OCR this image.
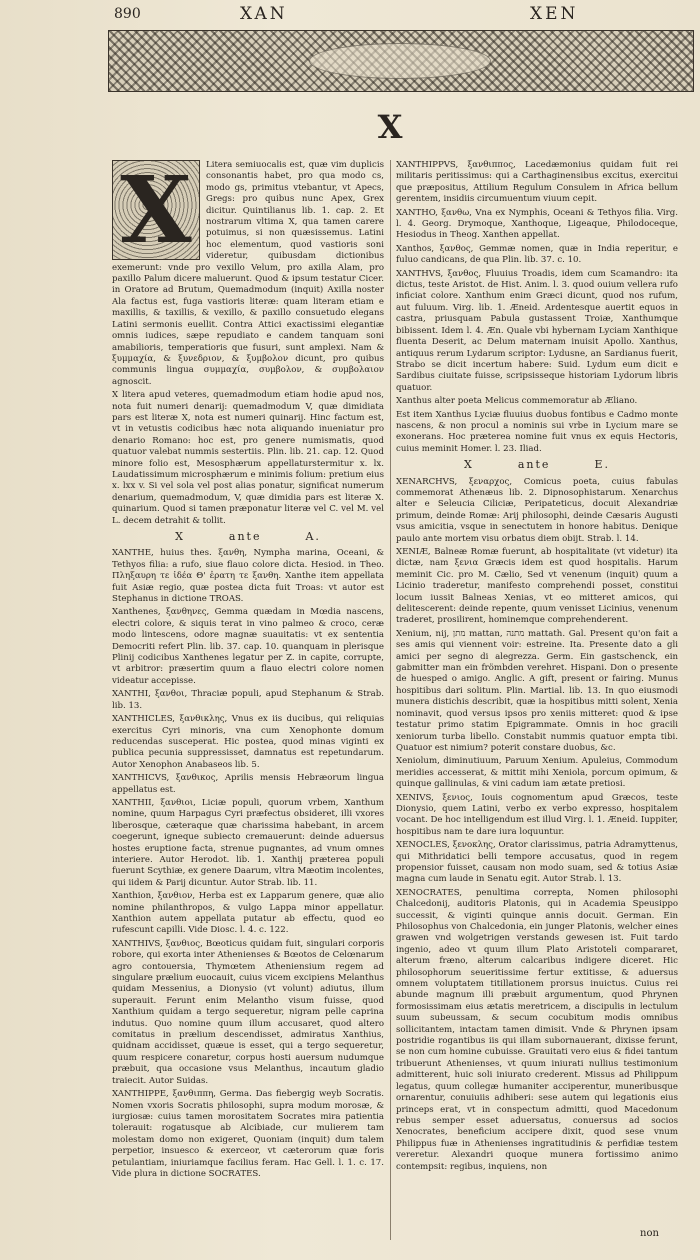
890	XAN	XEN
X
X	Litera semiuocalis est, quæ vim duplicis consonantis habet, pro qua modo cs, modo gs, primitus vtebantur, vt Apecs, Gregs: pro quibus nunc Apex, Grex dicitur. Quintilianus lib. 1. cap. 2. Et nostrarum vltima X, qua tamen carere potuimus, si non quæsissemus. Latini hoc elementum, quod vastioris soni videretur, quibusdam dictionibus exemerunt: vnde pro vexillo Velum, pro axilla Alam, pro paxillo Palum dicere maluerunt. Quod & ipsum testatur Cicer. in Oratore ad Brutum, Quemadmodum (inquit) Axilla noster Ala factus est, fuga vastioris literæ: quam literam etiam e maxillis, & taxillis, & vexillo, & paxillo consuetudo elegans Latini sermonis euellit. Contra Attici exactissimi elegantiæ omnis iudices, sæpe repudiato e candem tanquam soni amabilioris, temperatioris que fusuri, sunt amplexi. Nam & ξυμμαχία, & ξυνεδριον, & ξυμβολον dicunt, pro quibus communis lingua συμμαχία, συμβολον, & συμβολαιον agnoscit.

X litera apud veteres, quemadmodum etiam hodie apud nos, nota fuit numeri denarij: quemadmodum V, quæ dimidiata pars est literæ X, nota est numeri quinarij. Hinc factum est, vt in vetustis codicibus hæc nota aliquando inueniatur pro denario Romano: hoc est, pro genere numismatis, quod quatuor valebat nummis sestertiis. Plin. lib. 21. cap. 12. Quod minore folio est, Mesosphærum appellaturstermitur x. lx. Laudatissimum microsphærum e minimis folium: pretium eius x. lxx v. Si vel sola vel post alias ponatur, significat numerum denarium, quemadmodum, V, quæ dimidia pars est literæ X. quinarium. Quod si tamen præponatur literæ vel C. vel M. vel L. decem detrahit & tollit.

X	ante	A.

XANTHE, huius thes. ξανθη, Nympha marina, Oceani, & Tethyos filia: a rufo, siue flauo colore dicta. Hesiod. in Theo. Πληξαυρη τε ἰδέα Θ' ἐρατη τε ξανθη. Xanthe item appellata fuit Asiæ regio, quæ postea dicta fuit Troas: vt autor est Stephanus in dictione TROAS.

Xanthenes, ξανθηνες, Gemma quædam in Mœdia nascens, electri colore, & siquis terat in vino palmeo & croco, ceræ modo lintescens, odore magnæ suauitatis: vt ex sententia Democriti refert Plin. lib. 37. cap. 10. quanquam in plerisque Plinij codicibus Xanthenes legatur per Z. in capite, corrupte, vt arbitror: præsertim quum a flauo electri colore nomen videatur accepisse.

XANTHI, ξανθοι, Thraciæ populi, apud Stephanum & Strab. lib. 13.

XANTHICLES, ξανθικλης, Vnus ex iis ducibus, qui reliquias exercitus Cyri minoris, vna cum Xenophonte domum reducendas susceperat. Hic postea, quod minas viginti ex publica pecunia suppressisset, damnatus est repetundarum. Autor Xenophon Anabaseos lib. 5.

XANTHICVS, ξανθικος, Aprilis mensis Hebræorum lingua appellatus est.

XANTHII, ξανθιοι, Liciæ populi, quorum vrbem, Xanthum nomine, quum Harpagus Cyri præfectus obsideret, illi vxores liberosque, cæteraque quæ charissima habebant, in arcem coegerunt, igneque subiecto cremauerunt: deinde aduersus hostes eruptione facta, strenue pugnantes, ad vnum omnes interiere. Autor Herodot. lib. 1. Xanthij præterea populi fuerunt Scythiæ, ex genere Daarum, vltra Mæotim incolentes, qui iidem & Parij dicuntur. Autor Strab. lib. 11.

Xanthion, ξανθιον, Herba est ex Lapparum genere, quæ alio nomine philanthropos, & vulgo Lappa minor appellatur. Xanthion autem appellata putatur ab effectu, quod eo rufescunt capilli. Vide Diosc. l. 4. c. 122.

XANTHIVS, ξανθιος, Bœoticus quidam fuit, singulari corporis robore, qui exorta inter Athenienses & Bœotos de Celœnarum agro contouersia, Thymœtem Atheniensium regem ad singulare prælium euocauit, cuius vicem excipiens Melanthus quidam Messenius, a Dionysio (vt volunt) adiutus, illum superauit. Ferunt enim Melantho visum fuisse, quod Xanthium quidam a tergo sequeretur, nigram pelle caprina indutus. Quo nomine quum illum accusaret, quod altero comitatus in prælium descendisset, admiratus Xanthius, quidnam accidisset, quæue is esset, qui a tergo sequeretur, quum respicere conaretur, corpus hosti auersum nudumque præbuit, qua occasione vsus Melanthus, incautum gladio traiecit. Autor Suidas.

XANTHIPPE, ξανθιππη, Germa. Das fiebergig weyb Socratis. Nomen vxoris Socratis philosophi, supra modum morosæ, & iurgiosæ: cuius tamen morositatem Socrates mira patientia tolerauit: rogatusque ab Alcibiade, cur mulierem tam molestam domo non exigeret, Quoniam (inquit) dum talem perpetior, insuesco & exerceor, vt cæterorum quæ foris petulantiam, iniuriamque facilius feram. Hac Gell. l. 1. c. 17. Vide plura in dictione SOCRATES.

XANTHIPPVS, ξανθιππος, Lacedæmonius quidam fuit rei militaris peritissimus: qui a Carthaginensibus excitus, exercitui que præpositus, Attilium Regulum Consulem in Africa bellum gerentem, insidiis circumuentum viuum cepit.

XANTHO, ξανθω, Vna ex Nymphis, Oceani & Tethyos filia. Virg. l. 4. Georg. Drymoque, Xanthoque, Ligeaque, Philodoceque, Hesiodus in Theog. Xanthen appellat.

Xanthos, ξανθος, Gemmæ nomen, quæ in India reperitur, e fuluo candicans, de qua Plin. lib. 37. c. 10.

XANTHVS, ξανθος, Fluuius Troadis, idem cum Scamandro: ita dictus, teste Aristot. de Hist. Anim. l. 3. quod ouium vellera rufo inficiat colore. Xanthum enim Græci dicunt, quod nos rufum, aut fuluum. Virg. lib. 1. Æneid. Ardentesque auertit equos in castra, priusquam Pabula gustassent Troiæ, Xanthumque bibissent. Idem l. 4. Æn. Quale vbi hybernam Lyciam Xanthique fluenta Deserit, ac Delum maternam inuisit Apollo. Xanthus, antiquus rerum Lydarum scriptor: Lydusne, an Sardianus fuerit, Strabo se dicit incertum habere: Suid. Lydum eum dicit e Sardibus ciuitate fuisse, scripsisseque historiam Lydorum libris quatuor.

Xanthus alter poeta Melicus commemoratur ab Æliano.

Est item Xanthus Lyciæ fluuius duobus fontibus e Cadmo monte nascens, & non procul a nominis sui vrbe in Lycium mare se exonerans. Hoc præterea nomine fuit vnus ex equis Hectoris, cuius meminit Homer. l. 23. Iliad.

X	ante	E.

XENARCHVS, ξεναρχος, Comicus poeta, cuius fabulas commemorat Athenæus lib. 2. Dipnosophistarum. Xenarchus alter e Seleucia Ciliciæ, Peripateticus, docuit Alexandriæ primum, deinde Romæ: Arij philosophi, deinde Cæsaris Augusti vsus amicitia, vsque in senectutem in honore habitus. Denique paulo ante mortem visu orbatus diem obijt. Strab. l. 14.

XENIÆ, Balneæ Romæ fuerunt, ab hospitalitate (vt videtur) ita dictæ, nam ξενια Græcis idem est quod hospitalis. Harum meminit Cic. pro M. Cælio, Sed vt venenum (inquit) quum a Licinio traderetur, manifesto comprehendi posset, constitui locum iussit Balneas Xenias, vt eo mitteret amicos, qui delitescerent: deinde repente, quum venisset Licinius, venenum traderet, prosilirent, hominemque comprehenderent.

Xenium, nij, מתן mattan, מתנה mattath. Gal. Present qu'on fait a ses amis qui viennent voir: estreine. Ita. Presente dato a gli amici per segno di alegrezza. Germ. Ein gastschenck, ein gabmitter man ein frömbden verehret. Hispani. Don o presente de huesped o amigo. Anglic. A gift, present or fairing. Munus hospitibus dari solitum. Plin. Martial. lib. 13. In quo eiusmodi munera distichis describit, quæ ia hospitibus mitti solent, Xenia nominavit, quod versus ipsos pro xeniis mitteret: quod & ipse testatur primo statim Epigrammate. Omnis in hoc gracili xeniorum turba libello. Constabit nummis quatuor empta tibi. Quatuor est nimium? poterit constare duobus, &c.

Xeniolum, diminutiuum, Paruum Xenium. Apuleius, Commodum meridies accesserat, & mittit mihi Xeniola, porcum opimum, & quinque gallinulas, & vini cadum iam ætate pretiosi.

XENIVS, ξενιος, Iouis cognomentum apud Græcos, teste Dionysio, quem Latini, verbo ex verbo expresso, hospitalem vocant. De hoc intelligendum est illud Virg. l. 1. Æneid. Iuppiter, hospitibus nam te dare iura loquuntur.

XENOCLES, ξενοκλης, Orator clarissimus, patria Adramyttenus, qui Mithridatici belli tempore accusatus, quod in regem propensior fuisset, causam non modo suam, sed & totius Asiæ magna cum laude in Senatu egit. Autor Strab. l. 13.

XENOCRATES, penultima correpta, Nomen philosophi Chalcedonij, auditoris Platonis, qui in Academia Speusippo successit, & viginti quinque annis docuit. German. Ein Philosophus von Chalcedonia, ein junger Platonis, welcher eines grawen vnd wolgetrigen verstands gewesen ist. Fuit tardo ingenio, adeo vt quum illum Plato Aristoteli compararet, alterum fræno, alterum calcaribus indigere diceret. Hic philosophorum seueritissime fertur extitisse, & aduersus omnem voluptatem titillationem prorsus inuictus. Cuius rei abunde magnum illi præbuit argumentum, quod Phrynen formosissimam eius ætatis meretricem, a discipulis in lectulum suum subeussam, & secum cocubitum modis omnibus sollicitantem, intactam tamen dimisit. Vnde & Phrynen ipsam postridie rogantibus iis qui illam subornauerant, dixisse ferunt, se non cum homine cubuisse. Grauitati vero eius & fidei tantum tribuerunt Athenienses, vt quum iniurati nullius testimonium admitterent, huic soli iniurato crederent. Missus ad Philippum legatus, quum collegæ humaniter acciperentur, muneribusque ornarentur, conuiuiis adhiberi: sese autem qui legationis eius princeps erat, vt in conspectum admitti, quod Macedonum rebus semper esset aduersatus, conuersus ad socios Xenocrates, beneficium accipere dixit, quod sese vnum Philippus fuæ in Athenienses ingratitudinis & perfidiæ testem vereretur. Alexandri quoque munera fortissimo animo contempsit: regibus, inquiens, non

non
